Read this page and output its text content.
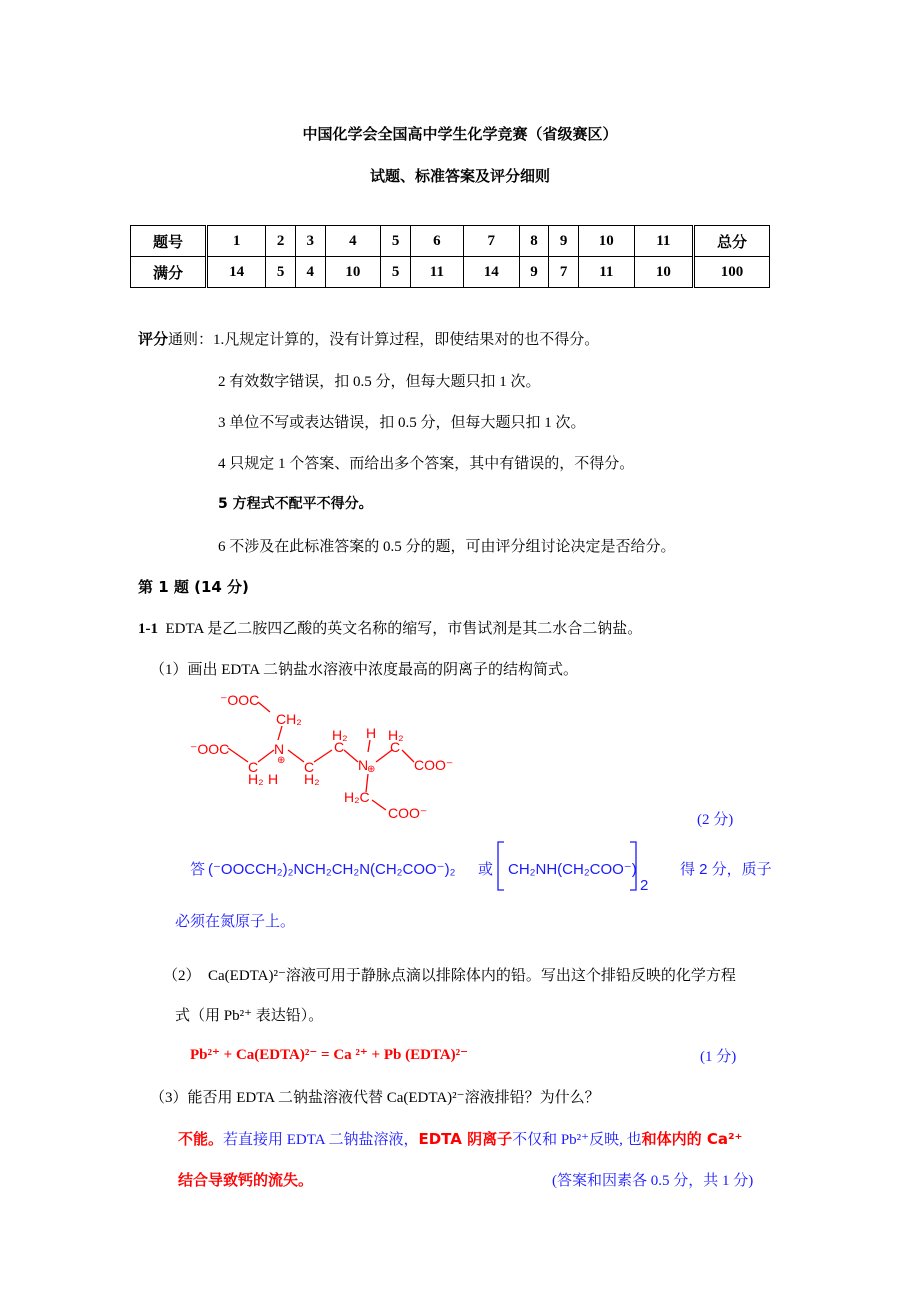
中国化学会全国高中学生化学竞赛（省级赛区）
试题、标准答案及评分细则
题号	1	2	3	4	5	6	7	8	9	10	11	总分
满分	14	5	4	10	5	11	14	9	7	11	10	100
评分通则：1.凡规定计算的，没有计算过程，即使结果对的也不得分。
2 有效数字错误，扣 0.5 分，但每大题只扣 1 次。
3 单位不写或表达错误，扣 0.5 分，但每大题只扣 1 次。
4 只规定 1 个答案、而给出多个答案，其中有错误的，不得分。
5 方程式不配平不得分。
6 不涉及在此标准答案的 0.5 分的题，可由评分组讨论决定是否给分。
第 1 题 (14 分)
1-1 EDTA 是乙二胺四乙酸的英文名称的缩写，市售试剂是其二水合二钠盐。
（1）画出 EDTA 二钠盐水溶液中浓度最高的阴离子的结构简式。
⁻OOC
CH₂
⁻OOC	N
⊕
C
H₂ H
C
H₂
H₂
C
H
N
⊕
H₂
C
COO⁻
H₂C
COO⁻	(2 分)
答 (⁻OOCCH₂)₂NCH₂CH₂N(CH₂COO⁻)₂ 或 CH₂NH(CH₂COO⁻)
2
得 2 分，质子
必须在氮原子上。
（2）　Ca(EDTA)²⁻溶液可用于静脉点滴以排除体内的铅。写出这个排铅反映的化学方程
式（用 Pb²⁺ 表达铅）。
Pb²⁺ + Ca(EDTA)²⁻ = Ca ²⁺ + Pb (EDTA)²⁻	(1 分)
（3）能否用 EDTA 二钠盐溶液代替 Ca(EDTA)²⁻溶液排铅？为什么？
不能。若直接用 EDTA 二钠盐溶液，EDTA 阴离子不仅和 Pb²⁺反映, 也和体内的 Ca²⁺
结合导致钙的流失。	(答案和因素各 0.5 分，共 1 分)
